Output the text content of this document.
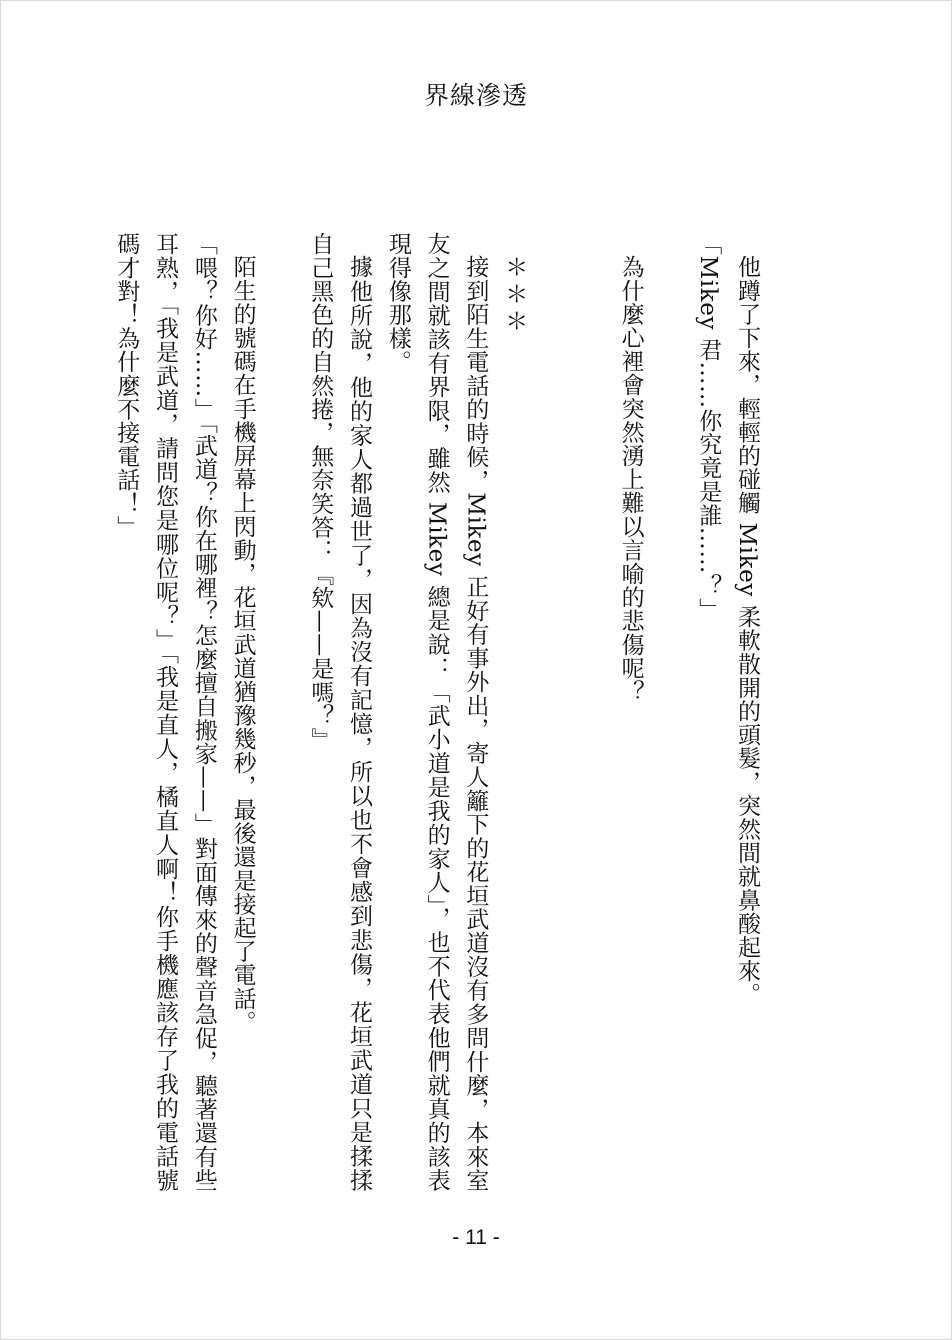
界線滲透

他蹲了下來，輕輕的碰觸 Mikey 柔軟散開的頭髮，突然間就鼻酸起來。

「Mikey 君……你究竟是誰……？」

為什麼心裡會突然湧上難以言喻的悲傷呢？

＊＊＊

接到陌生電話的時候，Mikey 正好有事外出，寄人籬下的花垣武道沒有多問什麼，本來室友之間就該有界限，雖然 Mikey 總是說：「武小道是我的家人」，也不代表他們就真的該表現得像那樣。

據他所說，他的家人都過世了，因為沒有記憶，所以也不會感到悲傷，花垣武道只是揉揉自己黑色的自然捲，無奈笑答：『欸——是嗎？』

陌生的號碼在手機屏幕上閃動，花垣武道猶豫幾秒，最後還是接起了電話。

「喂？你好……」「武道？你在哪裡？怎麼擅自搬家——」對面傳來的聲音急促，聽著還有些耳熟，「我是武道，請問您是哪位呢？」「我是直人，橘直人啊！你手機應該存了我的電話號碼才對！為什麼不接電話！」

- 11 -
